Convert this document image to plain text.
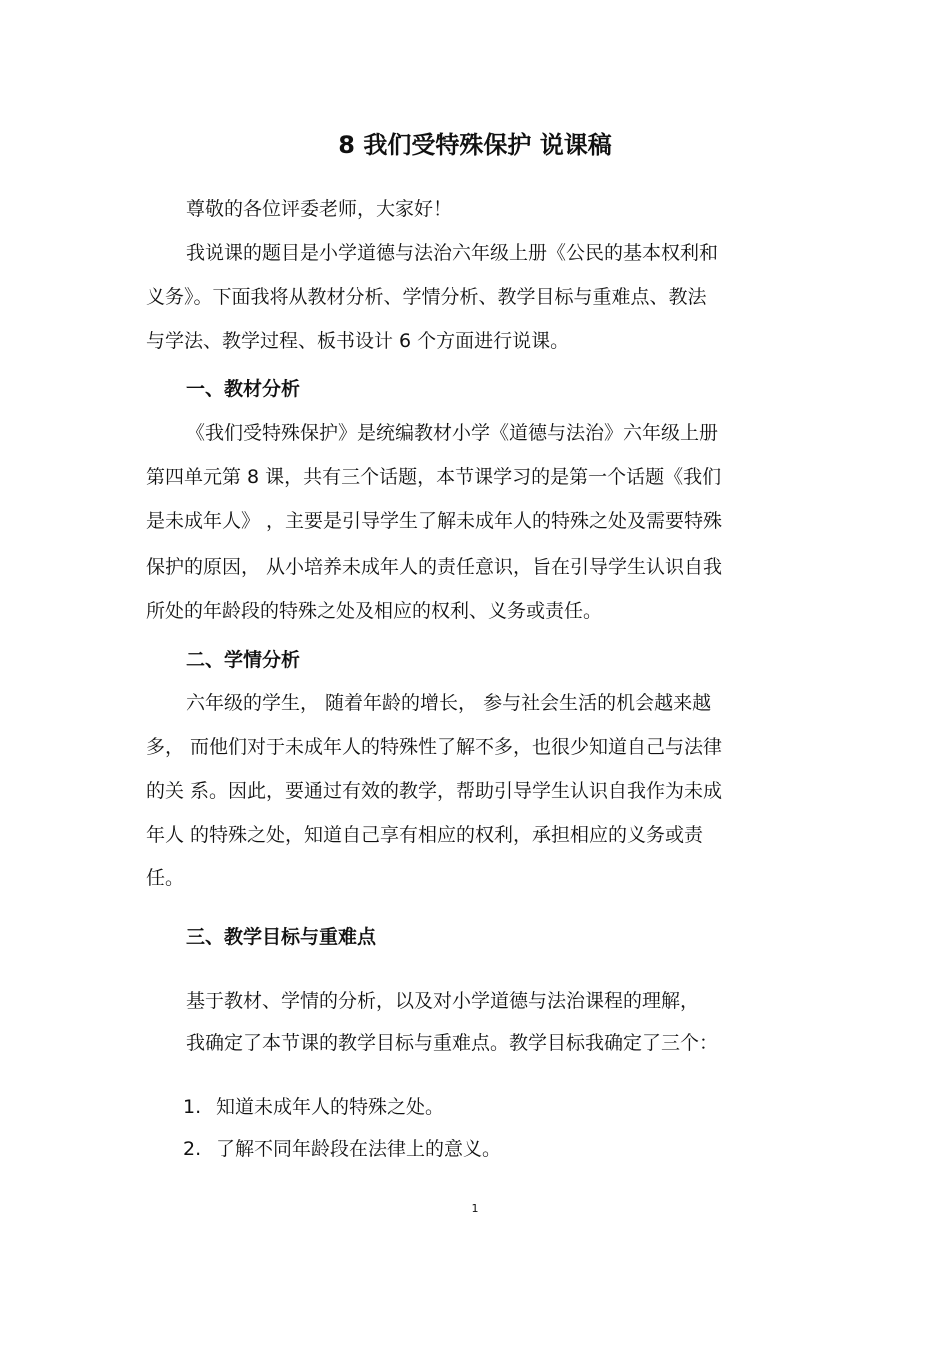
8 我们受特殊保护 说课稿
尊敬的各位评委老师，大家好！
我说课的题目是小学道德与法治六年级上册《公民的基本权利和
义务》。下面我将从教材分析、学情分析、教学目标与重难点、教法
与学法、教学过程、板书设计 6 个方面进行说课。
一、教材分析
《我们受特殊保护》是统编教材小学《道德与法治》六年级上册
第四单元第 8 课，共有三个话题，本节课学习的是第一个话题《我们
是未成年人》 ，主要是引导学生了解未成年人的特殊之处及需要特殊
保护的原因， 从小培养未成年人的责任意识，旨在引导学生认识自我
所处的年龄段的特殊之处及相应的权利、义务或责任。
二、学情分析
六年级的学生， 随着年龄的增长， 参与社会生活的机会越来越
多， 而他们对于未成年人的特殊性了解不多，也很少知道自己与法律
的关 系。因此，要通过有效的教学，帮助引导学生认识自我作为未成
年人 的特殊之处，知道自己享有相应的权利，承担相应的义务或责
任。
三、教学目标与重难点
基于教材、学情的分析，以及对小学道德与法治课程的理解，
我确定了本节课的教学目标与重难点。教学目标我确定了三个：
1. 知道未成年人的特殊之处。
2. 了解不同年龄段在法律上的意义。
1
